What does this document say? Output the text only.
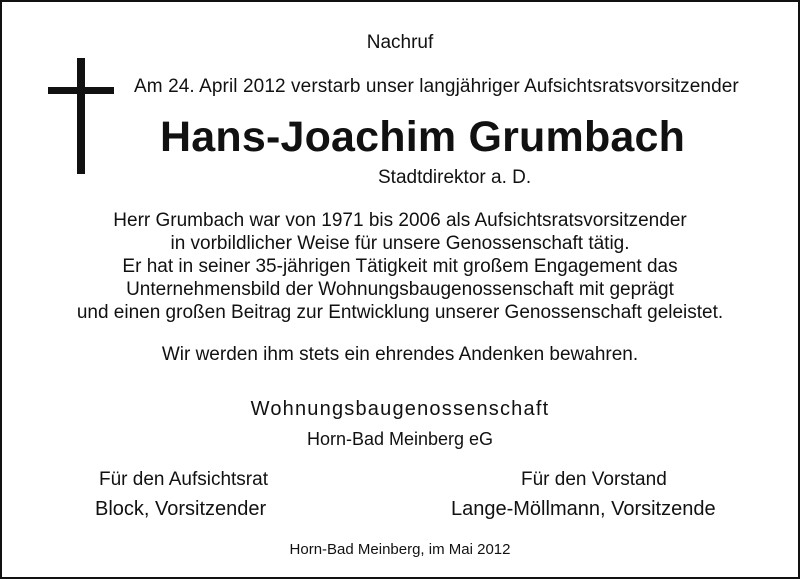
Nachruf
Am 24. April 2012 verstarb unser langjähriger Aufsichtsratsvorsitzender
Hans-Joachim Grumbach
Stadtdirektor a. D.
Herr Grumbach war von 1971 bis 2006 als Aufsichtsratsvorsitzender
in vorbildlicher Weise für unsere Genossenschaft tätig.
Er hat in seiner 35-jährigen Tätigkeit mit großem Engagement das
Unternehmensbild der Wohnungsbaugenossenschaft mit geprägt
und einen großen Beitrag zur Entwicklung unserer Genossenschaft geleistet.
Wir werden ihm stets ein ehrendes Andenken bewahren.
Wohnungsbaugenossenschaft
Horn-Bad Meinberg eG
Für den Aufsichtsrat
Block, Vorsitzender
Für den Vorstand
Lange-Möllmann, Vorsitzende
Horn-Bad Meinberg, im Mai 2012
